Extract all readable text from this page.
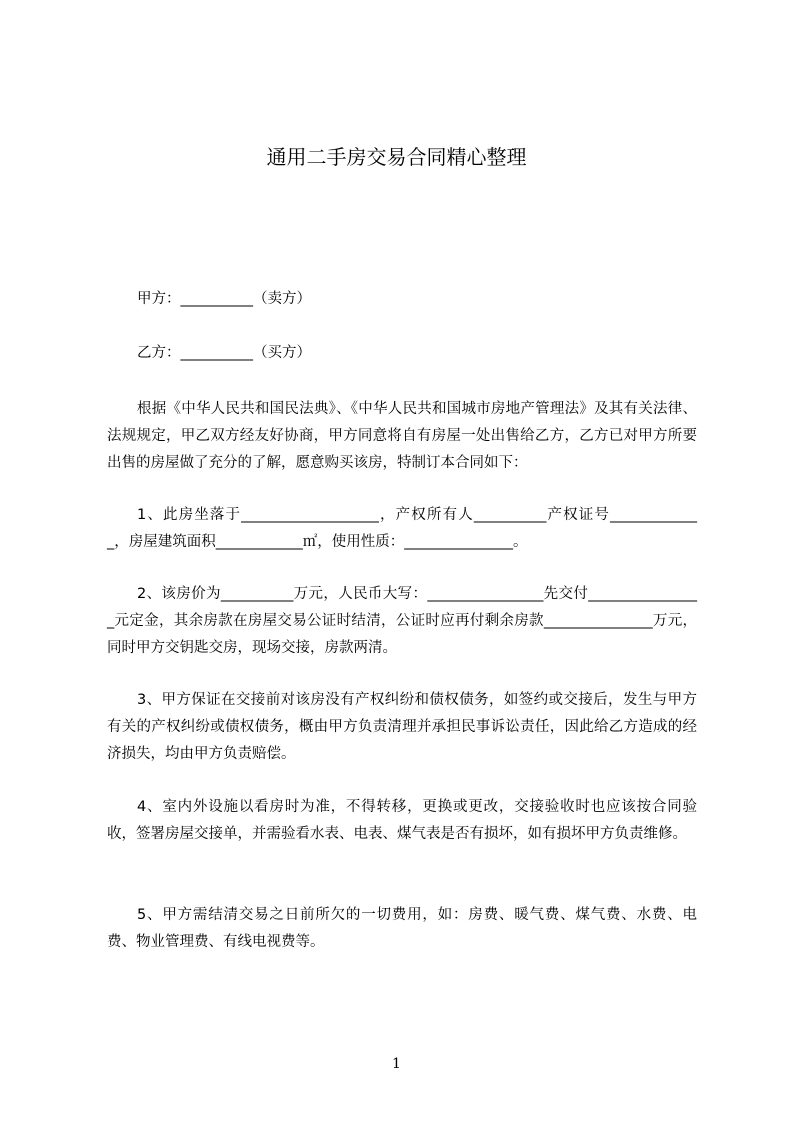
通用二手房交易合同精心整理

甲方：__________（卖方）

乙方：__________（买方）

根据《中华人民共和国民法典》、《中华人民共和国城市房地产管理法》及其有关法律、法规规定，甲乙双方经友好协商，甲方同意将自有房屋一处出售给乙方，乙方已对甲方所要出售的房屋做了充分的了解，愿意购买该房，特制订本合同如下：

1、此房坐落于___________________，产权所有人__________产权证号_____________，房屋建筑面积____________㎡，使用性质：_______________。

2、该房价为__________万元，人民币大写：________________先交付________________元定金，其余房款在房屋交易公证时结清，公证时应再付剩余房款_______________万元，同时甲方交钥匙交房，现场交接，房款两清。

3、甲方保证在交接前对该房没有产权纠纷和债权债务，如签约或交接后，发生与甲方有关的产权纠纷或债权债务，概由甲方负责清理并承担民事诉讼责任，因此给乙方造成的经济损失，均由甲方负责赔偿。

4、室内外设施以看房时为准，不得转移，更换或更改，交接验收时也应该按合同验收，签署房屋交接单，并需验看水表、电表、煤气表是否有损坏，如有损坏甲方负责维修。

5、甲方需结清交易之日前所欠的一切费用，如：房费、暖气费、煤气费、水费、电费、物业管理费、有线电视费等。

1
